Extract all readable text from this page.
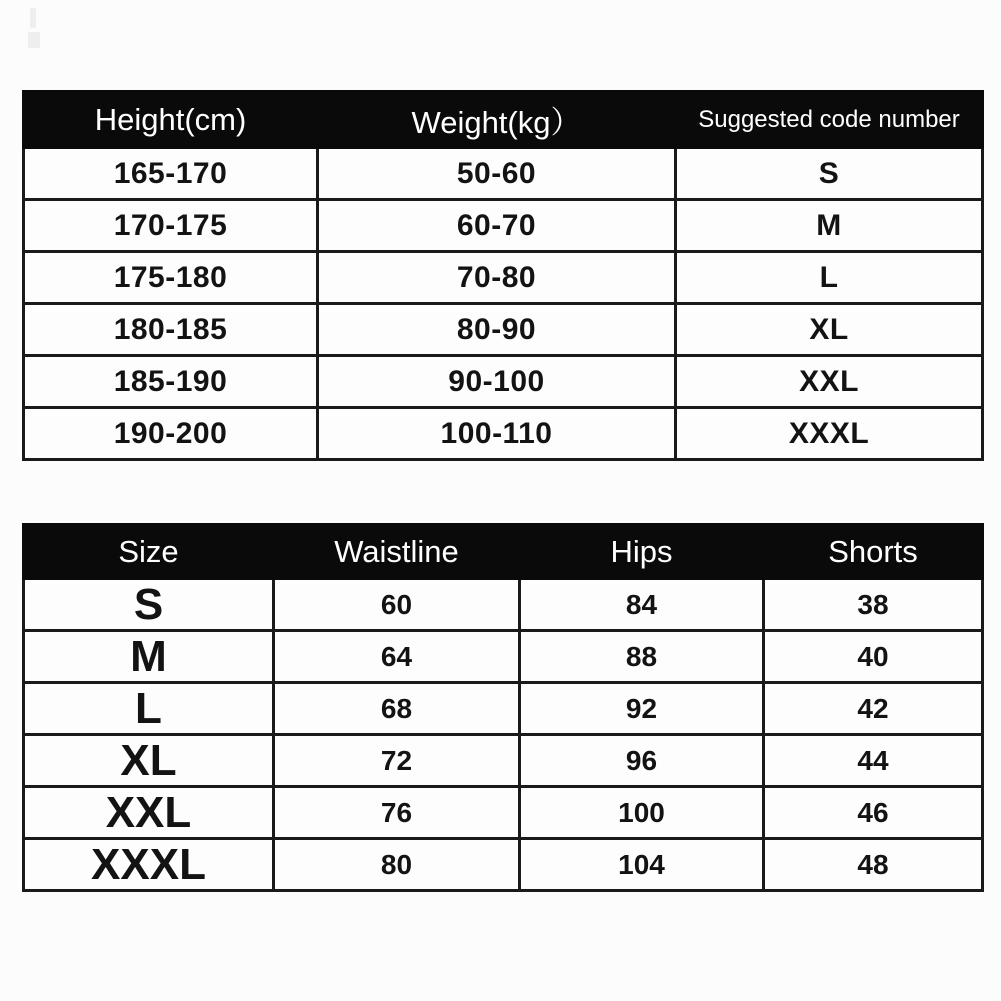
Height(cm)	Weight(kg）	Suggested code number
165-170	50-60	S
170-175	60-70	M
175-180	70-80	L
180-185	80-90	XL
185-190	90-100	XXL
190-200	100-110	XXXL
Size	Waistline	Hips	Shorts
S	60	84	38
M	64	88	40
L	68	92	42
XL	72	96	44
XXL	76	100	46
XXXL	80	104	48
